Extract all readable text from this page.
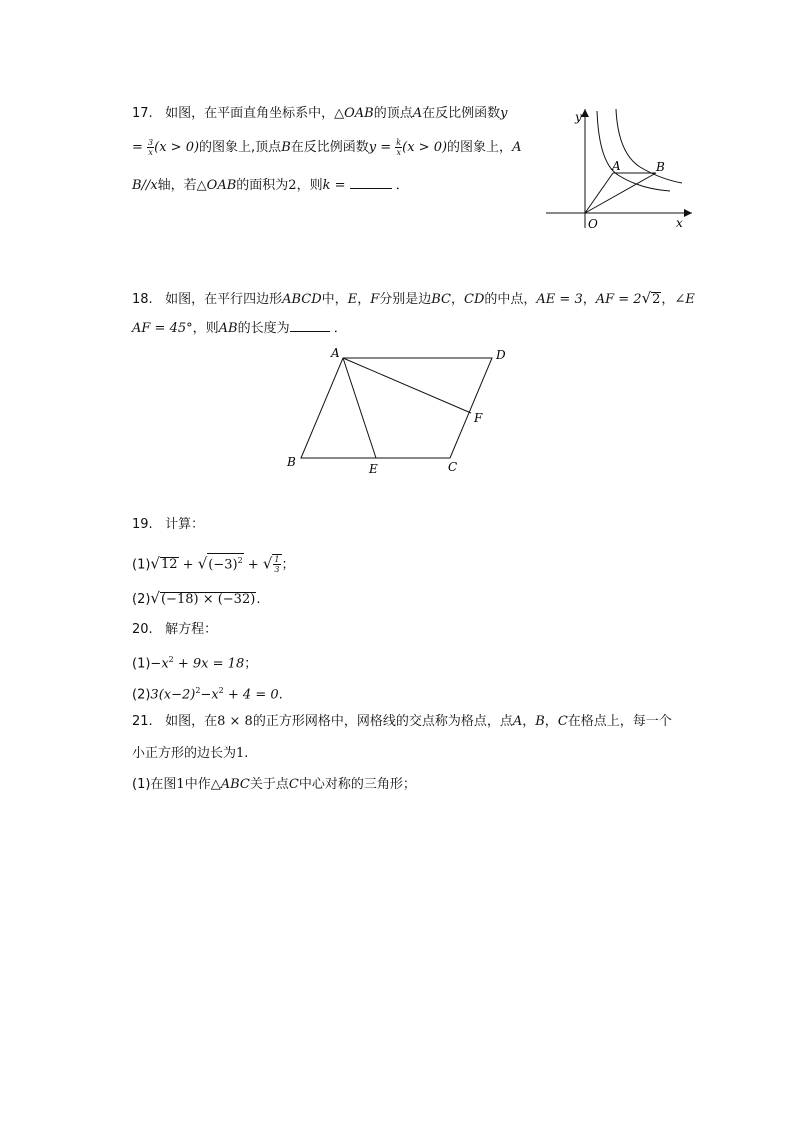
17. 如图，在平面直角坐标系中，△OAB的顶点A在反比例函数y
= $\frac{3}{x} (x > 0)$的图象上,顶点B在反比例函数$y = \frac{k}{x} (x > 0)$的图象上，A
B//x轴，若△OAB的面积为2，则k =	．
y
x
O
A	B
18. 如图，在平行四边形ABCD中，E，F分别是边BC，CD的中点，AE = 3，AF = 2√2，∠E
AF = 45°，则AB的长度为	．
A	D
F
B	E	C
19. 计算：
$(1)√12 + √(-3)^2$ + √ $\frac{1}{3}$ ；
(2)√(−18) × (−32).
20. 解方程：
$(1)-x^2 + 9x = 18$；
$(2)3(x-2)^2-x^2 + 4 = 0$.
21. 如图，在8 × 8的正方形网格中，网格线的交点称为格点，点A，B，C在格点上，每一个
小正方形的边长为1.
(1)在图1中作△ABC关于点C中心对称的三角形；
